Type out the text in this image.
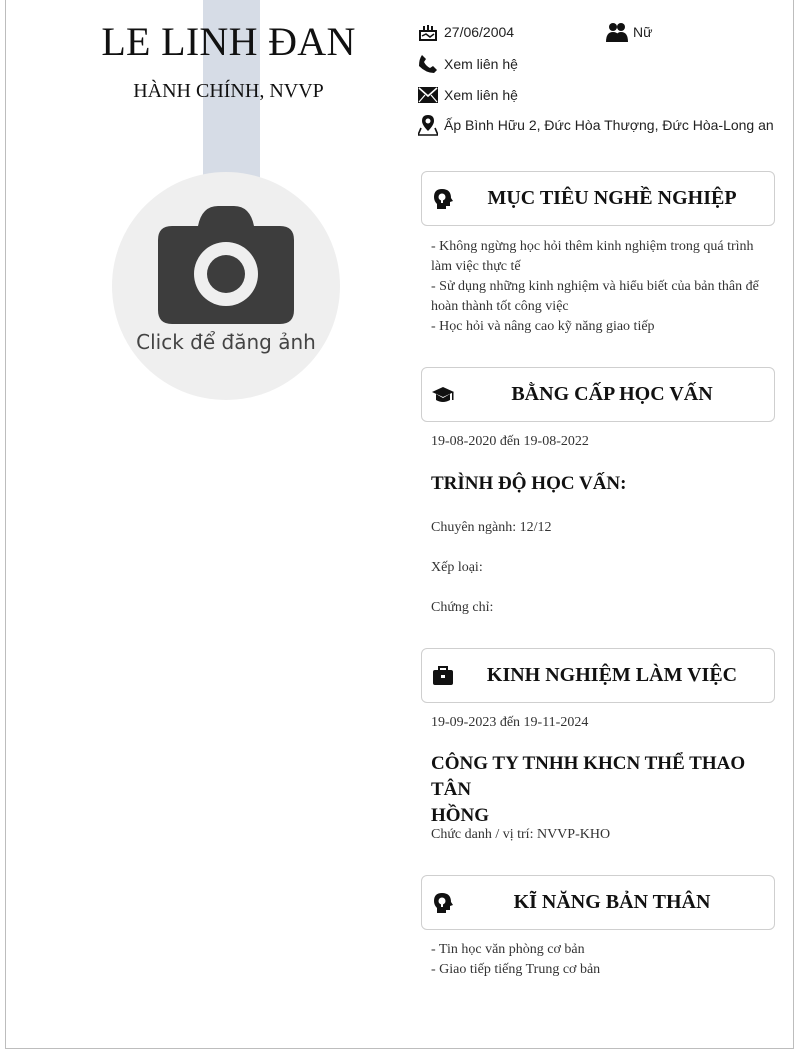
LE LINH ĐAN
HÀNH CHÍNH, NVVP
Click để đăng ảnh
27/06/2004	Nữ
Xem liên hệ
Xem liên hệ
Ấp Bình Hữu 2, Đức Hòa Thượng, Đức Hòa-Long an
MỤC TIÊU NGHỀ NGHIỆP
- Không ngừng học hỏi thêm kinh nghiệm trong quá trình
làm việc thực tế
- Sử dụng những kinh nghiệm và hiểu biết của bản thân để
hoàn thành tốt công việc
- Học hỏi và nâng cao kỹ năng giao tiếp
BẰNG CẤP HỌC VẤN
19-08-2020 đến 19-08-2022
TRÌNH ĐỘ HỌC VẤN:
Chuyên ngành: 12/12
Xếp loại:
Chứng chỉ:
KINH NGHIỆM LÀM VIỆC
19-09-2023 đến 19-11-2024
CÔNG TY TNHH KHCN THỂ THAO TÂN
HỒNG
Chức danh / vị trí: NVVP-KHO
KĨ NĂNG BẢN THÂN
- Tin học văn phòng cơ bản
- Giao tiếp tiếng Trung cơ bản
